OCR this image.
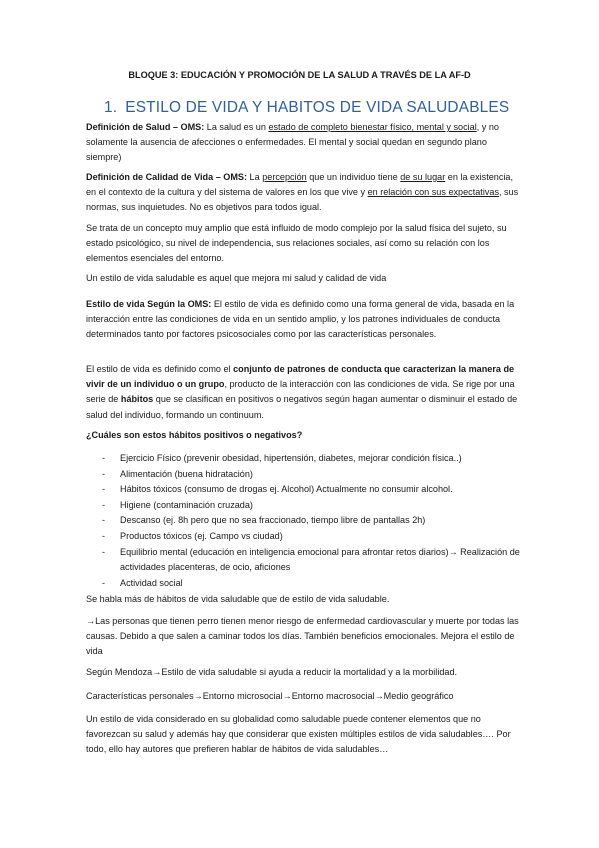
BLOQUE 3: EDUCACIÓN Y PROMOCIÓN DE LA SALUD A TRAVÉS DE LA AF-D
1. ESTILO DE VIDA Y HABITOS DE VIDA SALUDABLES

Definición de Salud – OMS: La salud es un estado de completo bienestar físico, mental y social, y no solamente la ausencia de afecciones o enfermedades. El mental y social quedan en segundo plano siempre)

Definición de Calidad de Vida – OMS: La percepción que un individuo tiene de su lugar en la existencia, en el contexto de la cultura y del sistema de valores en los que vive y en relación con sus expectativas, sus normas, sus inquietudes. No es objetivos para todos igual.

Se trata de un concepto muy amplio que está influido de modo complejo por la salud física del sujeto, su estado psicológico, su nivel de independencia, sus relaciones sociales, así como su relación con los elementos esenciales del entorno.

Un estilo de vida saludable es aquel que mejora mi salud y calidad de vida

Estilo de vida Según la OMS: El estilo de vida es definido como una forma general de vida, basada en la interacción entre las condiciones de vida en un sentido amplio, y los patrones individuales de conducta determinados tanto por factores psicosociales como por las características personales.

El estilo de vida es definido como el conjunto de patrones de conducta que caracterizan la manera de vivir de un individuo o un grupo, producto de la interacción con las condiciones de vida. Se rige por una serie de hábitos que se clasifican en positivos o negativos según hagan aumentar o disminuir el estado de salud del individuo, formando un continuum.

¿Cuáles son estos hábitos positivos o negativos?

- Ejercicio Físico (prevenir obesidad, hipertensión, diabetes, mejorar condición física..)
- Alimentación (buena hidratación)
- Hábitos tóxicos (consumo de drogas ej. Alcohol) Actualmente no consumir alcohol.
- Higiene (contaminación cruzada)
- Descanso (ej. 8h pero que no sea fraccionado, tiempo libre de pantallas 2h)
- Productos tóxicos (ej. Campo vs ciudad)
- Equilibrio mental (educación en inteligencia emocional para afrontar retos diarios)→ Realización de actividades placenteras, de ocio, aficiones
- Actividad social

Se habla más de hábitos de vida saludable que de estilo de vida saludable.

→Las personas que tienen perro tienen menor riesgo de enfermedad cardiovascular y muerte por todas las causas. Debido a que salen a caminar todos los días. También beneficios emocionales. Mejora el estilo de vida

Según Mendoza→Estilo de vida saludable si ayuda a reducir la mortalidad y a la morbilidad.

Características personales→Entorno microsocial→Entorno macrosocial→Medio geográfico

Un estilo de vida considerado en su globalidad como saludable puede contener elementos que no favorezcan su salud y además hay que considerar que existen múltiples estilos de vida saludables…. Por todo, ello hay autores que prefieren hablar de hábitos de vida saludables…
